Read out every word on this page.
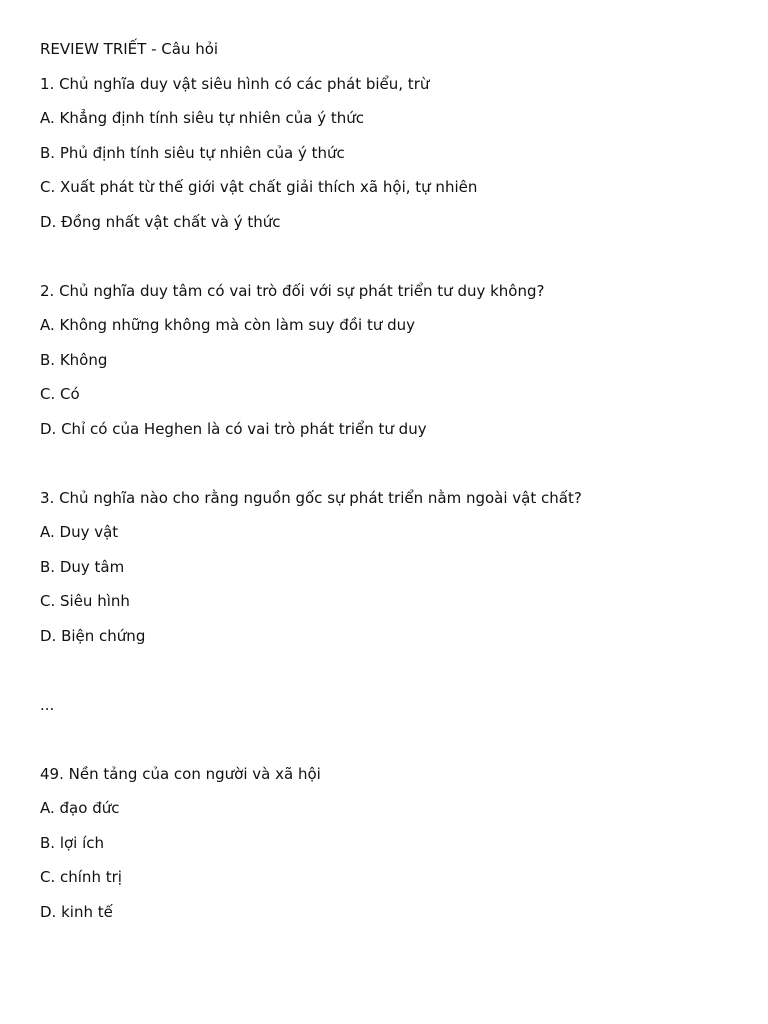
REVIEW TRIẾT - Câu hỏi
1. Chủ nghĩa duy vật siêu hình có các phát biểu, trừ
A. Khẳng định tính siêu tự nhiên của ý thức
B. Phủ định tính siêu tự nhiên của ý thức
C. Xuất phát từ thế giới vật chất giải thích xã hội, tự nhiên
D. Đồng nhất vật chất và ý thức
2. Chủ nghĩa duy tâm có vai trò đối với sự phát triển tư duy không?
A. Không những không mà còn làm suy đồi tư duy
B. Không
C. Có
D. Chỉ có của Heghen là có vai trò phát triển tư duy
3. Chủ nghĩa nào cho rằng nguồn gốc sự phát triển nằm ngoài vật chất?
A. Duy vật
B. Duy tâm
C. Siêu hình
D. Biện chứng
...
49. Nền tảng của con người và xã hội
A. đạo đức
B. lợi ích
C. chính trị
D. kinh tế
